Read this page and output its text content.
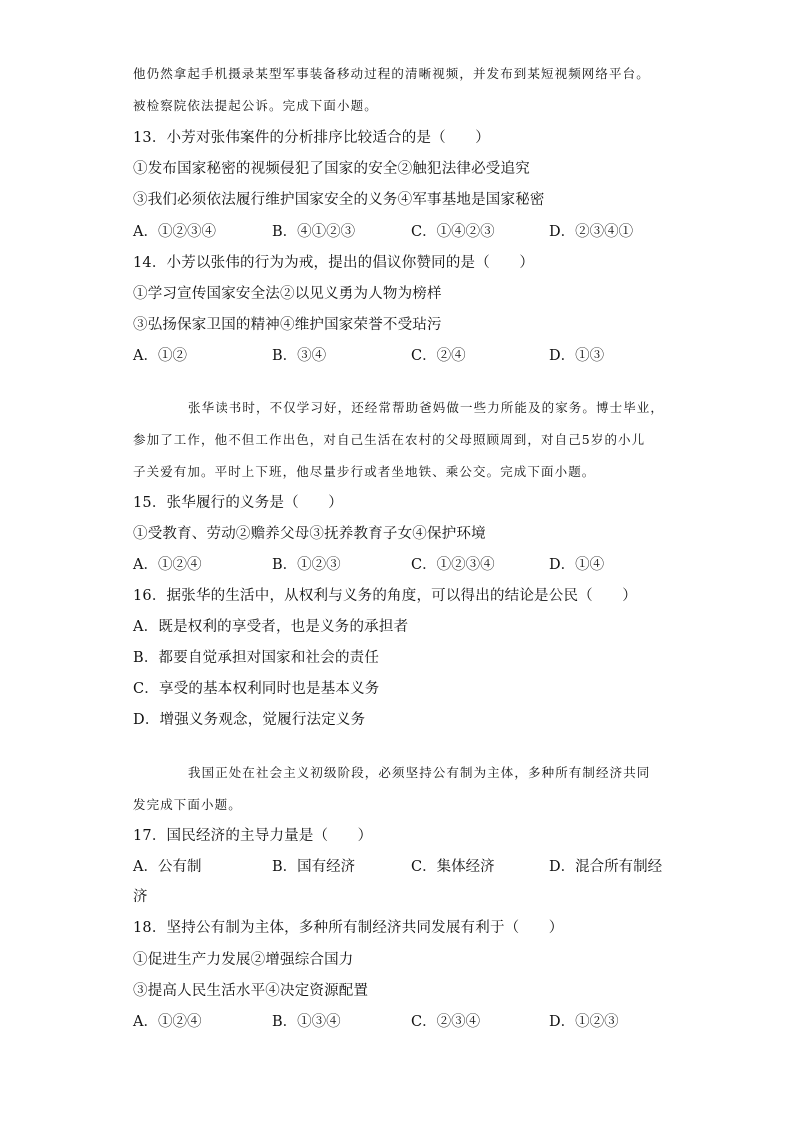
他仍然拿起手机摄录某型军事装备移动过程的清晰视频，并发布到某短视频网络平台。
被检察院依法提起公诉。完成下面小题。
13．小芳对张伟案件的分析排序比较适合的是（　　）
①发布国家秘密的视频侵犯了国家的安全②触犯法律必受追究
③我们必须依法履行维护国家安全的义务④军事基地是国家秘密
A．①②③④	B．④①②③	C．①④②③	D．②③④①
14．小芳以张伟的行为为戒，提出的倡议你赞同的是（　　）
①学习宣传国家安全法②以见义勇为人物为榜样
③弘扬保家卫国的精神④维护国家荣誉不受玷污
A．①②	B．③④	C．②④	D．①③
张华读书时，不仅学习好，还经常帮助爸妈做一些力所能及的家务。博士毕业，
参加了工作，他不但工作出色，对自己生活在农村的父母照顾周到，对自己5岁的小儿
子关爱有加。平时上下班，他尽量步行或者坐地铁、乘公交。完成下面小题。
15．张华履行的义务是（　　）
①受教育、劳动②赡养父母③抚养教育子女④保护环境
A．①②④	B．①②③	C．①②③④	D．①④
16．据张华的生活中，从权利与义务的角度，可以得出的结论是公民（　　）
A．既是权利的享受者，也是义务的承担者
B．都要自觉承担对国家和社会的责任
C．享受的基本权利同时也是基本义务
D．增强义务观念，觉履行法定义务
我国正处在社会主义初级阶段，必须坚持公有制为主体，多种所有制经济共同
发完成下面小题。
17．国民经济的主导力量是（　　）
A．公有制	B．国有经济	C．集体经济	D．混合所有制经
济
18．坚持公有制为主体，多种所有制经济共同发展有利于（　　）
①促进生产力发展②增强综合国力
③提高人民生活水平④决定资源配置
A．①②④	B．①③④	C．②③④	D．①②③
